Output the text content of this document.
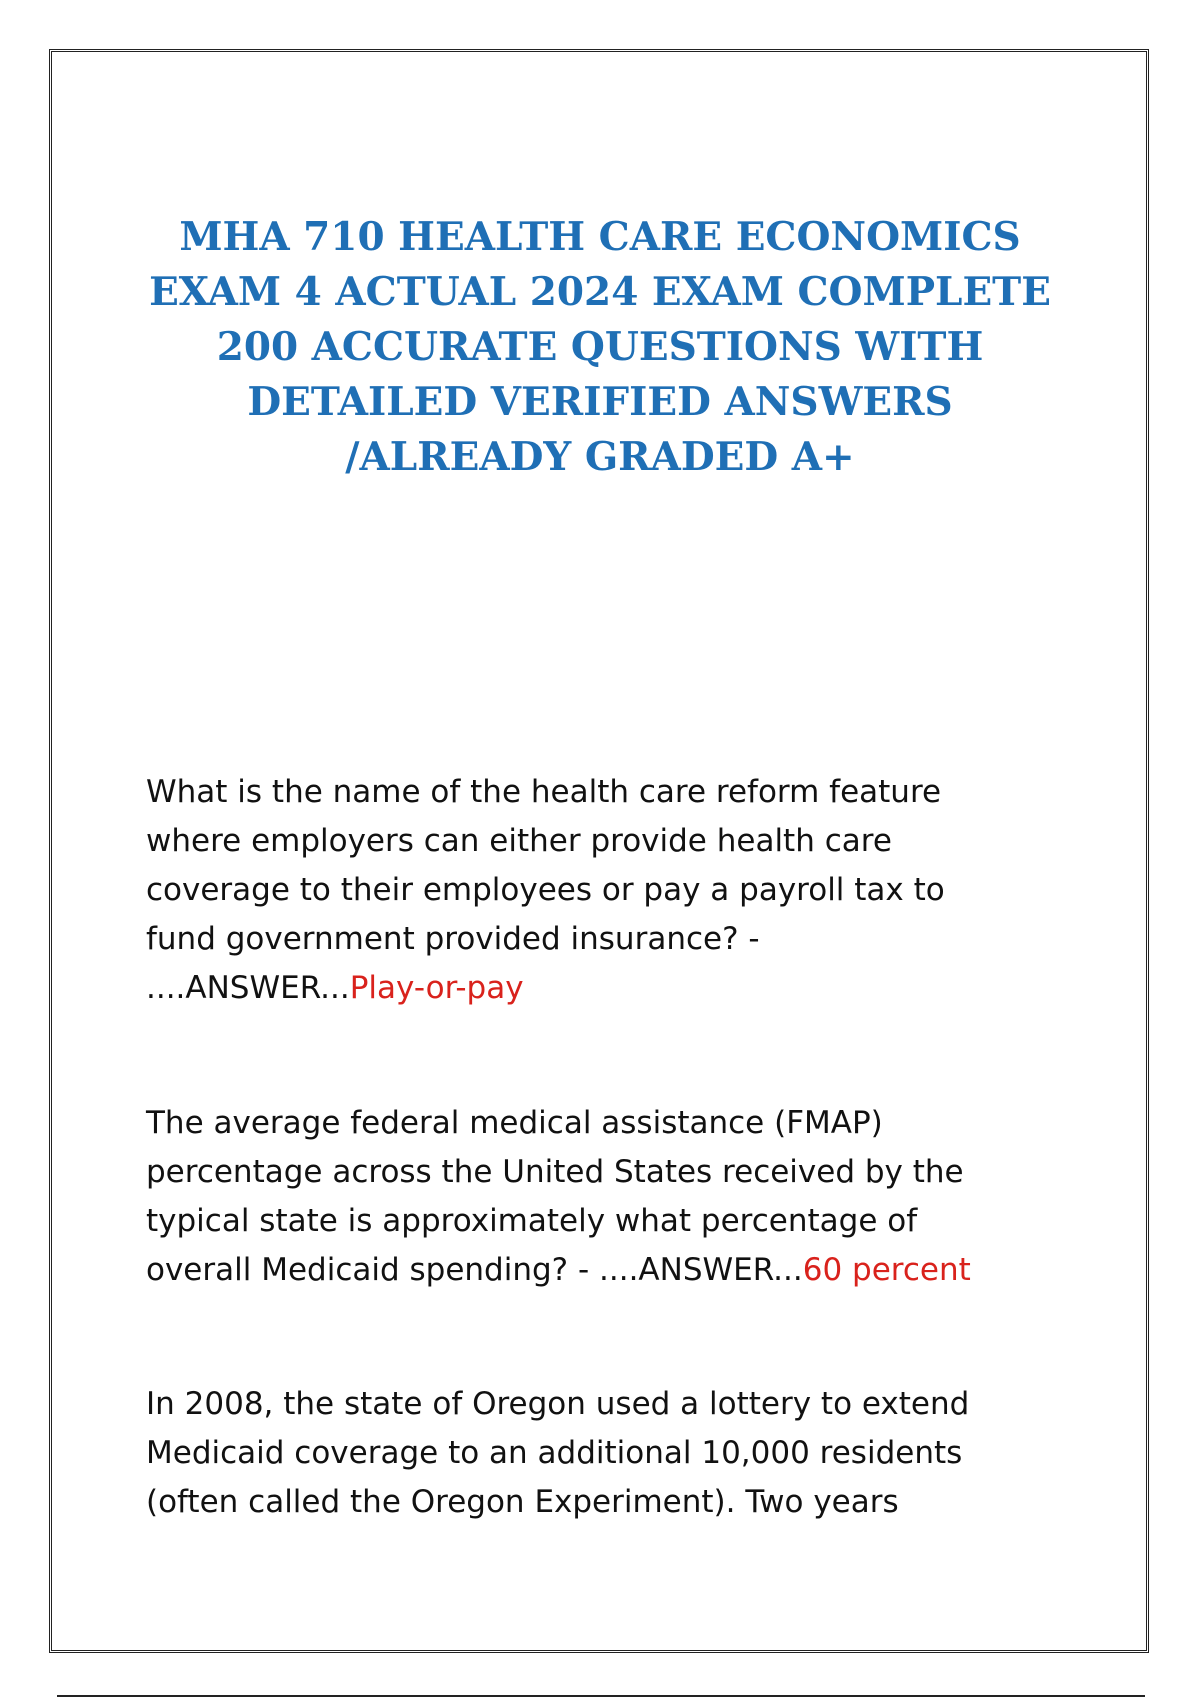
MHA 710 HEALTH CARE ECONOMICS
EXAM 4 ACTUAL 2024 EXAM COMPLETE
200 ACCURATE QUESTIONS WITH
DETAILED VERIFIED ANSWERS
/ALREADY GRADED A+
What is the name of the health care reform feature
where employers can either provide health care
coverage to their employees or pay a payroll tax to
fund government provided insurance? -
....ANSWER...Play-or-pay
The average federal medical assistance (FMAP)
percentage across the United States received by the
typical state is approximately what percentage of
overall Medicaid spending? - ....ANSWER...60 percent
In 2008, the state of Oregon used a lottery to extend
Medicaid coverage to an additional 10,000 residents
(often called the Oregon Experiment). Two years
